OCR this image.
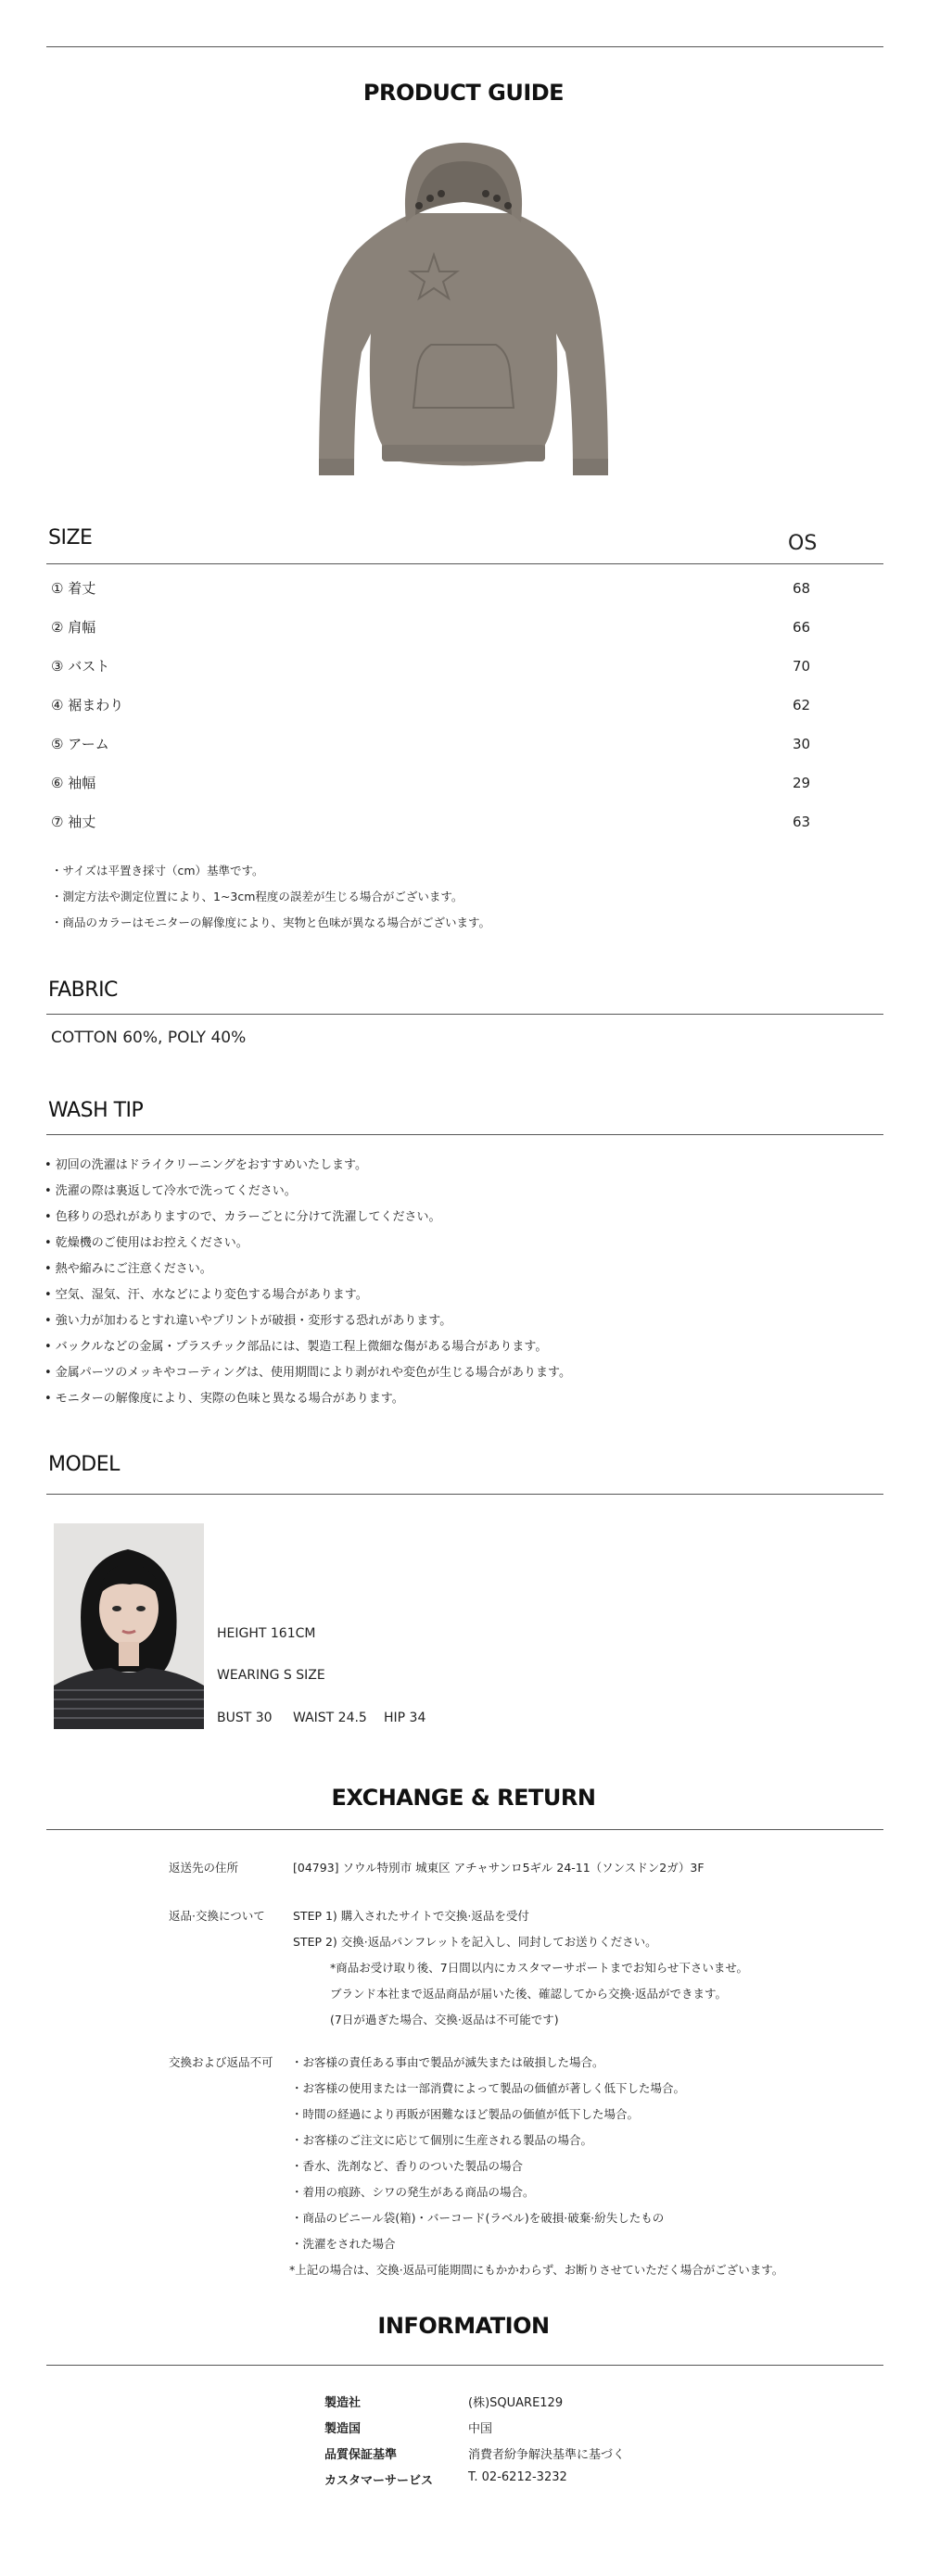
PRODUCT GUIDE
SIZE	OS
① 着丈	68
② 肩幅	66
③ バスト	70
④ 裾まわり	62
⑤ アーム	30
⑥ 袖幅	29
⑦ 袖丈	63
・サイズは平置き採寸（cm）基準です。
・測定方法や測定位置により、1~3cm程度の誤差が生じる場合がございます。
・商品のカラーはモニターの解像度により、実物と色味が異なる場合がございます。
FABRIC
COTTON 60%, POLY 40%
WASH TIP
• 初回の洗濯はドライクリーニングをおすすめいたします。
• 洗濯の際は裏返して冷水で洗ってください。
• 色移りの恐れがありますので、カラーごとに分けて洗濯してください。
• 乾燥機のご使用はお控えください。
• 熱や縮みにご注意ください。
• 空気、湿気、汗、水などにより変色する場合があります。
• 強い力が加わるとすれ違いやプリントが破損・変形する恐れがあります。
• バックルなどの金属・プラスチック部品には、製造工程上微細な傷がある場合があります。
• 金属パーツのメッキやコーティングは、使用期間により剥がれや変色が生じる場合があります。
• モニターの解像度により、実際の色味と異なる場合があります。
MODEL
HEIGHT 161CM
WEARING S SIZE
BUST 30 WAIST 24.5 HIP 34
EXCHANGE & RETURN
返送先の住所	[04793] ソウル特別市 城東区 アチャサンロ5ギル 24-11（ソンスドン2ガ）3F
返品·交換について STEP 1) 購入されたサイトで交換·返品を受付
STEP 2) 交換·返品パンフレットを記入し、同封してお送りください。
*商品お受け取り後、7日間以内にカスタマーサポートまでお知らせ下さいませ。
ブランド本社まで返品商品が届いた後、確認してから交換·返品ができます。
(7日が過ぎた場合、交換·返品は不可能です)
交換および返品不可 ・お客様の責任ある事由で製品が滅失または破損した場合。
・お客様の使用または一部消費によって製品の価値が著しく低下した場合。
・時間の経過により再販が困難なほど製品の価値が低下した場合。
・お客様のご注文に応じて個別に生産される製品の場合。
・香水、洗剤など、香りのついた製品の場合
・着用の痕跡、シワの発生がある商品の場合。
・商品のビニール袋(箱)・バーコード(ラベル)を破損·破棄·紛失したもの
・洗濯をされた場合
*上記の場合は、交換·返品可能期間にもかかわらず、お断りさせていただく場合がございます。
INFORMATION
製造社	(株)SQUARE129
製造国	中国
品質保証基準	消費者紛争解決基準に基づく
カスタマーサービス	T. 02-6212-3232
